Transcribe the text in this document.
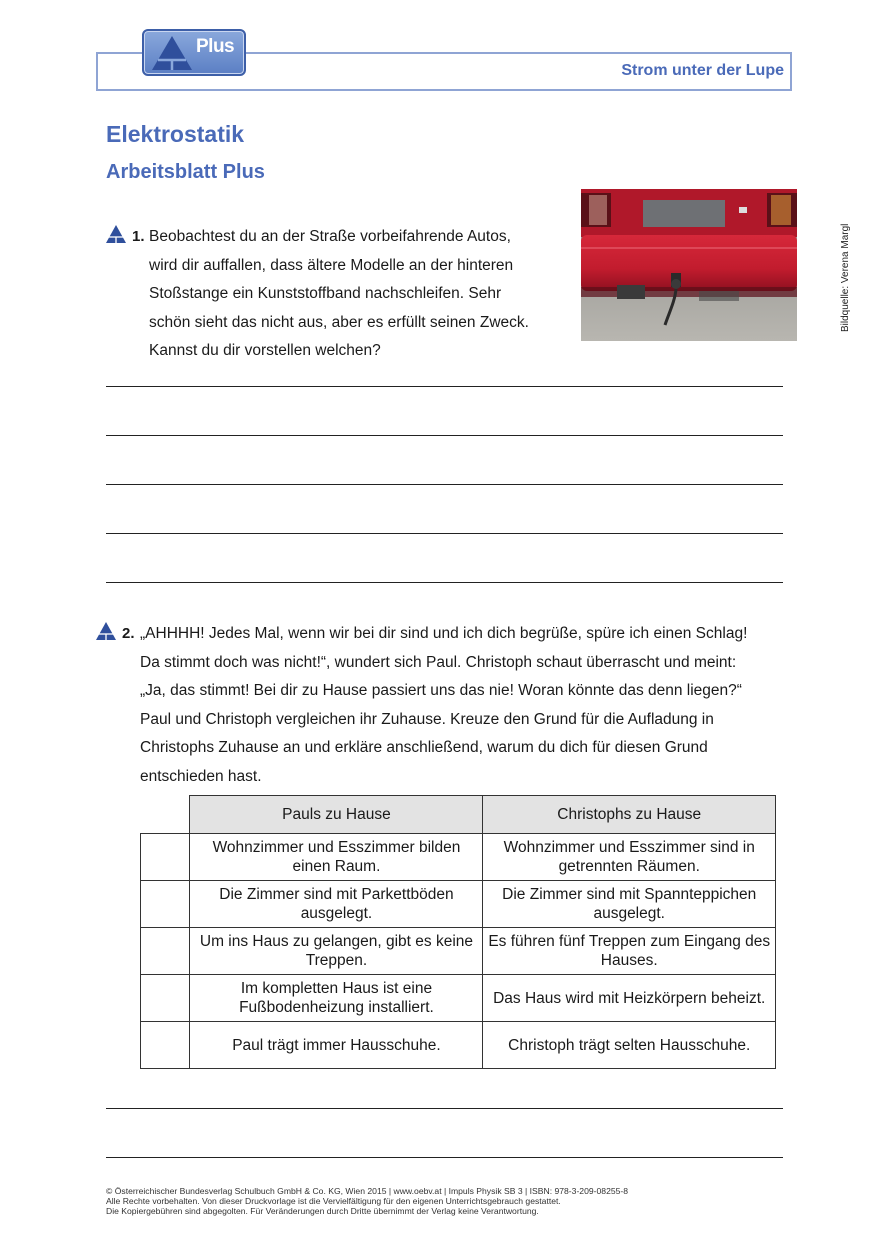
Plus
Strom unter der Lupe
Elektrostatik
Arbeitsblatt Plus
Bildquelle: Verena Margl
1. Beobachtest du an der Straße vorbeifahrende Autos,
wird dir auffallen, dass ältere Modelle an der hinteren
Stoßstange ein Kunststoffband nachschleifen. Sehr
schön sieht das nicht aus, aber es erfüllt seinen Zweck.
Kannst du dir vorstellen welchen?
2. „AHHHH! Jedes Mal, wenn wir bei dir sind und ich dich begrüße, spüre ich einen Schlag!
Da stimmt doch was nicht!“, wundert sich Paul. Christoph schaut überrascht und meint:
„Ja, das stimmt! Bei dir zu Hause passiert uns das nie! Woran könnte das denn liegen?“
Paul und Christoph vergleichen ihr Zuhause. Kreuze den Grund für die Aufladung in
Christophs Zuhause an und erkläre anschließend, warum du dich für diesen Grund
entschieden hast.
	Pauls zu Hause	Christophs zu Hause
	Wohnzimmer und Esszimmer bilden einen Raum.	Wohnzimmer und Esszimmer sind in getrennten Räumen.
	Die Zimmer sind mit Parkettböden ausgelegt.	Die Zimmer sind mit Spannteppichen ausgelegt.
	Um ins Haus zu gelangen, gibt es keine Treppen.	Es führen fünf Treppen zum Eingang des Hauses.
	Im kompletten Haus ist eine Fußbodenheizung installiert.	Das Haus wird mit Heizkörpern beheizt.
	Paul trägt immer Hausschuhe.	Christoph trägt selten Hausschuhe.
© Österreichischer Bundesverlag Schulbuch GmbH & Co. KG, Wien 2015 | www.oebv.at | Impuls Physik SB 3 | ISBN: 978-3-209-08255-8
Alle Rechte vorbehalten. Von dieser Druckvorlage ist die Vervielfältigung für den eigenen Unterrichtsgebrauch gestattet.
Die Kopiergebühren sind abgegolten. Für Veränderungen durch Dritte übernimmt der Verlag keine Verantwortung.
